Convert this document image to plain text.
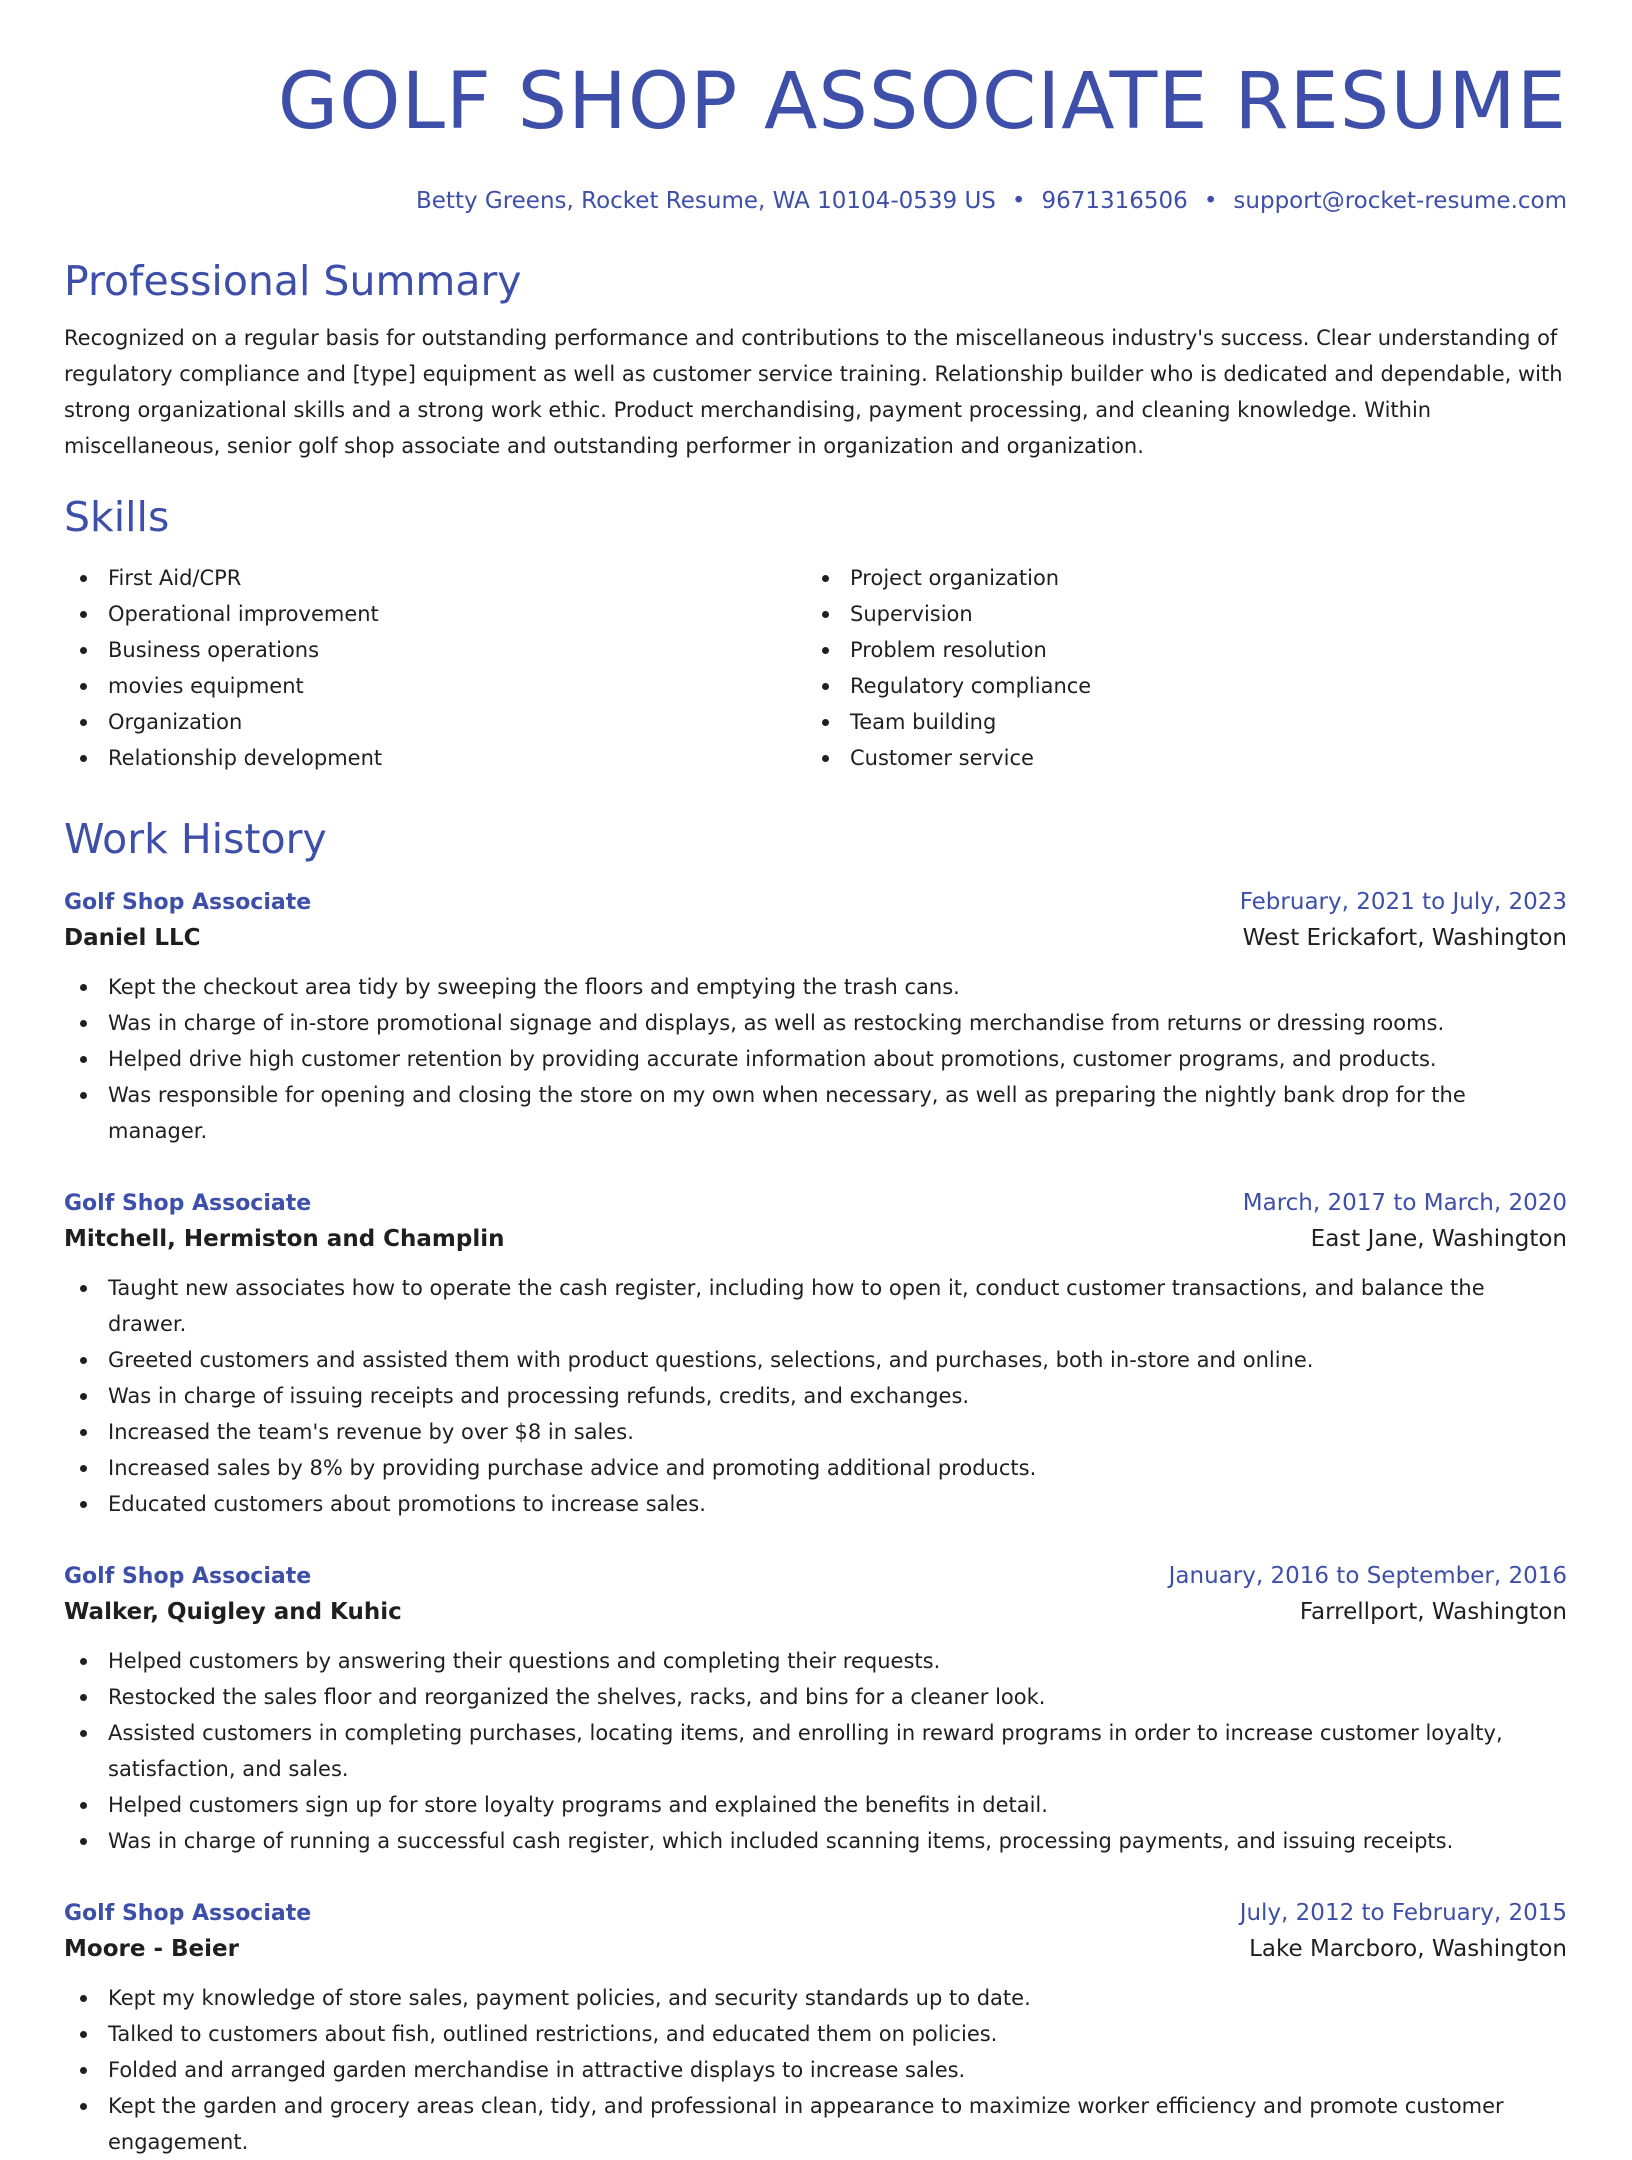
GOLF SHOP ASSOCIATE RESUME
Betty Greens, Rocket Resume, WA 10104-0539 US • 9671316506 • support@rocket-resume.com
Professional Summary
Recognized on a regular basis for outstanding performance and contributions to the miscellaneous industry's success. Clear understanding of regulatory compliance and [type] equipment as well as customer service training. Relationship builder who is dedicated and dependable, with strong organizational skills and a strong work ethic. Product merchandising, payment processing, and cleaning knowledge. Within miscellaneous, senior golf shop associate and outstanding performer in organization and organization.
Skills
First Aid/CPR
Operational improvement
Business operations
movies equipment
Organization
Relationship development
Project organization
Supervision
Problem resolution
Regulatory compliance
Team building
Customer service
Work History
Golf Shop Associate	February, 2021 to July, 2023
Daniel LLC	West Erickafort, Washington
Kept the checkout area tidy by sweeping the floors and emptying the trash cans.
Was in charge of in-store promotional signage and displays, as well as restocking merchandise from returns or dressing rooms.
Helped drive high customer retention by providing accurate information about promotions, customer programs, and products.
Was responsible for opening and closing the store on my own when necessary, as well as preparing the nightly bank drop for the manager.
Golf Shop Associate	March, 2017 to March, 2020
Mitchell, Hermiston and Champlin	East Jane, Washington
Taught new associates how to operate the cash register, including how to open it, conduct customer transactions, and balance the drawer.
Greeted customers and assisted them with product questions, selections, and purchases, both in-store and online.
Was in charge of issuing receipts and processing refunds, credits, and exchanges.
Increased the team's revenue by over $8 in sales.
Increased sales by 8% by providing purchase advice and promoting additional products.
Educated customers about promotions to increase sales.
Golf Shop Associate	January, 2016 to September, 2016
Walker, Quigley and Kuhic	Farrellport, Washington
Helped customers by answering their questions and completing their requests.
Restocked the sales floor and reorganized the shelves, racks, and bins for a cleaner look.
Assisted customers in completing purchases, locating items, and enrolling in reward programs in order to increase customer loyalty, satisfaction, and sales.
Helped customers sign up for store loyalty programs and explained the benefits in detail.
Was in charge of running a successful cash register, which included scanning items, processing payments, and issuing receipts.
Golf Shop Associate	July, 2012 to February, 2015
Moore - Beier	Lake Marcboro, Washington
Kept my knowledge of store sales, payment policies, and security standards up to date.
Talked to customers about fish, outlined restrictions, and educated them on policies.
Folded and arranged garden merchandise in attractive displays to increase sales.
Kept the garden and grocery areas clean, tidy, and professional in appearance to maximize worker efficiency and promote customer engagement.
